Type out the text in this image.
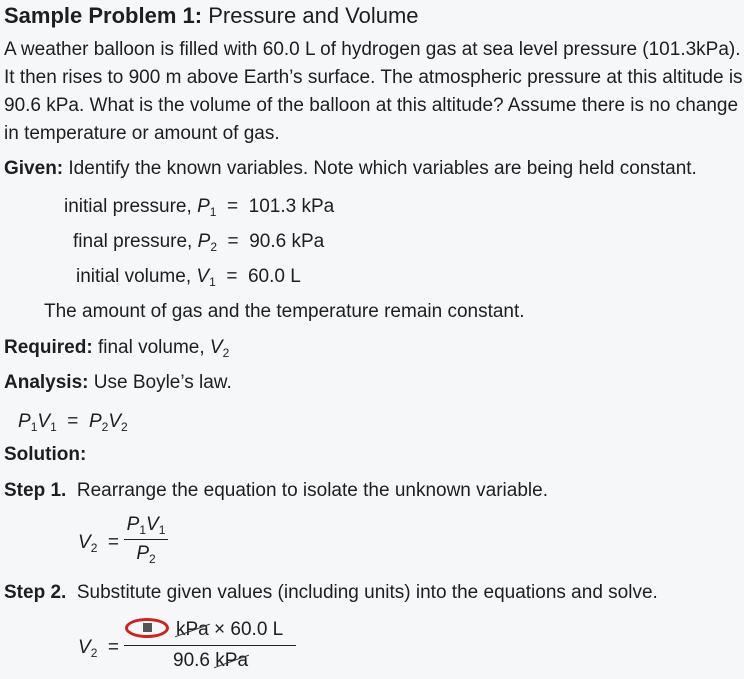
Sample Problem 1: Pressure and Volume
A weather balloon is filled with 60.0 L of hydrogen gas at sea level pressure (101.3kPa).
It then rises to 900 m above Earth’s surface. The atmospheric pressure at this altitude is
90.6 kPa. What is the volume of the balloon at this altitude? Assume there is no change
in temperature or amount of gas.
Given: Identify the known variables. Note which variables are being held constant.
initial pressure, $P_1 = 101.3$ kPa
final pressure, $P_2 = 90.6$ kPa
initial volume, $V_1 = 60.0$ L
The amount of gas and the temperature remain constant.
Required: final volume, $V_2$
Analysis: Use Boyle’s law.
$P_1V_1 = P_2V_2$
Solution:
Step 1. Rearrange the equation to isolate the unknown variable.
$V_2$  =
$P_1V_1$
$P_2$
Step 2. Substitute given values (including units) into the equations and solve.
$V_2$  =
kPa × 60.0 L
90.6 kPa
